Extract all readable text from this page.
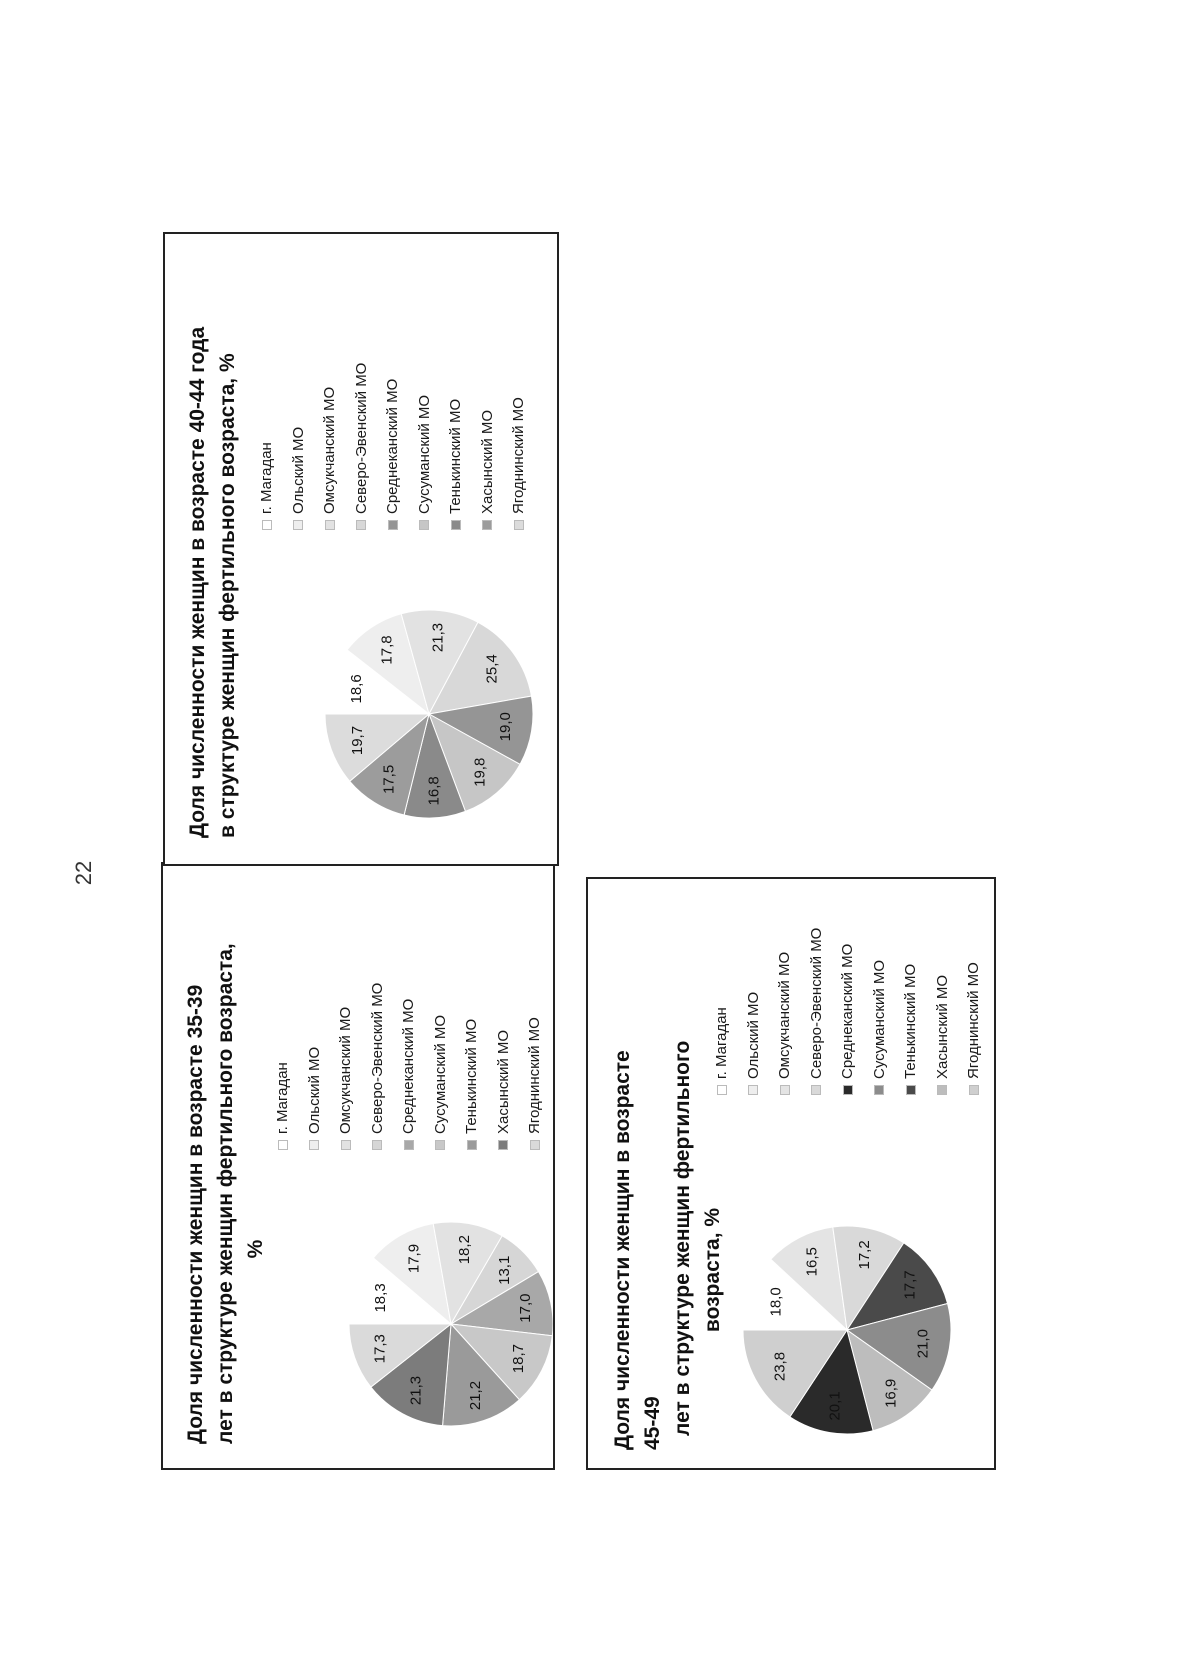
22
Доля численности женщин в возрасте 35-39 лет в структуре женщин фертильного возраста, %
18,3
17,9 18,2
13,1
17,0
18,7
21,2
21,3
17,3
г. Магадан Ольский МО Омсукчанский МО Северо-Эвенский МО Среднеканский МО Сусуманский МО Тенькинский МО Хасынский МО Ягоднинский МО
Доля численности женщин в возрасте 40-44 года в структуре женщин фертильного возраста, %	18,6
17,8 21,3
25,4
19,0
19,8
16,8
17,5
19,7
г. Магадан Ольский МО Омсукчанский МО Северо-Эвенский МО Среднеканский МО Сусуманский МО Тенькинский МО Хасынский МО Ягоднинский МО
Доля численности женщин в возрасте 45-49 лет в структуре женщин фертильного возраста, %	18,0
16,5 17,2
17,7
21,0
16,9
20,1
23,8
г. Магадан Ольский МО Омсукчанский МО Северо-Эвенский МО Среднеканский МО Сусуманский МО Тенькинский МО Хасынский МО Ягоднинский МО
